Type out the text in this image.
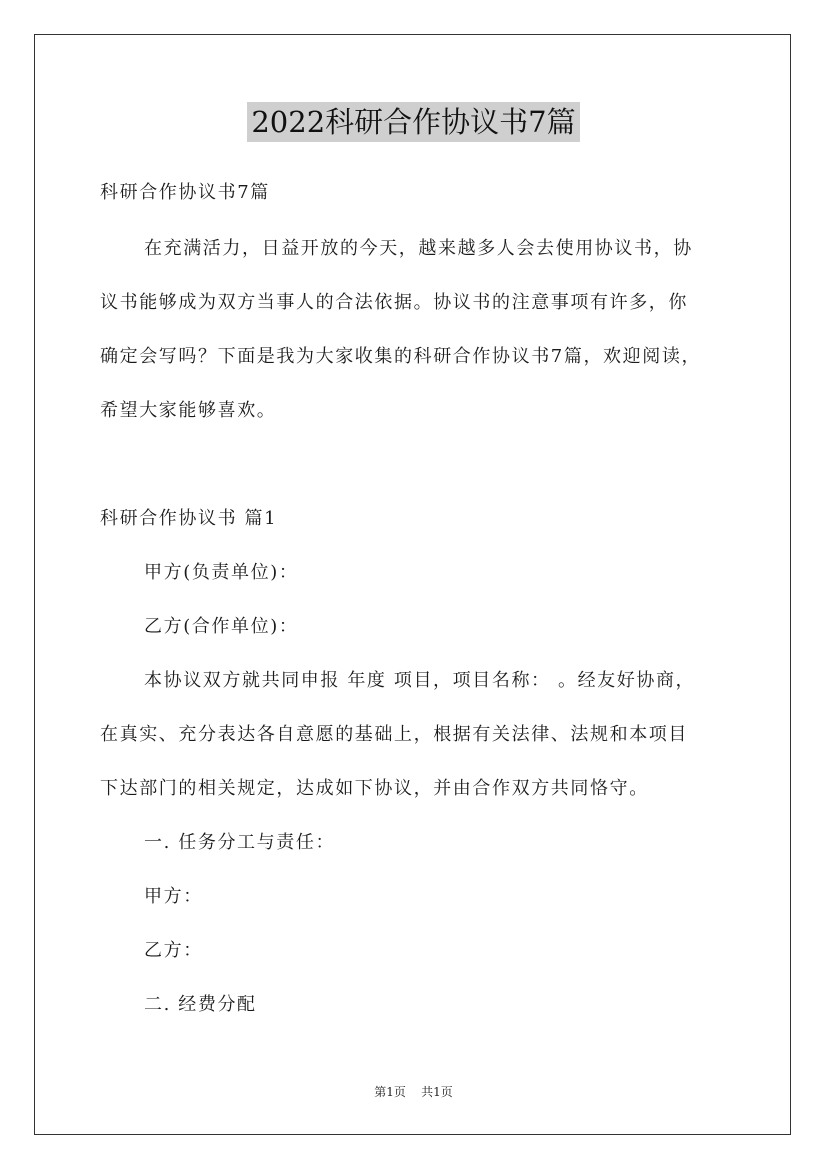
2022科研合作协议书7篇
科研合作协议书7篇
在充满活力，日益开放的今天，越来越多人会去使用协议书，协
议书能够成为双方当事人的合法依据。协议书的注意事项有许多，你
确定会写吗？下面是我为大家收集的科研合作协议书7篇，欢迎阅读，
希望大家能够喜欢。
科研合作协议书 篇1
甲方(负责单位)：
乙方(合作单位)：
本协议双方就共同申报 年度 项目，项目名称： 。经友好协商，
在真实、充分表达各自意愿的基础上，根据有关法律、法规和本项目
下达部门的相关规定，达成如下协议，并由合作双方共同恪守。
一. 任务分工与责任：
甲方：
乙方：
二. 经费分配
第1页 共1页
